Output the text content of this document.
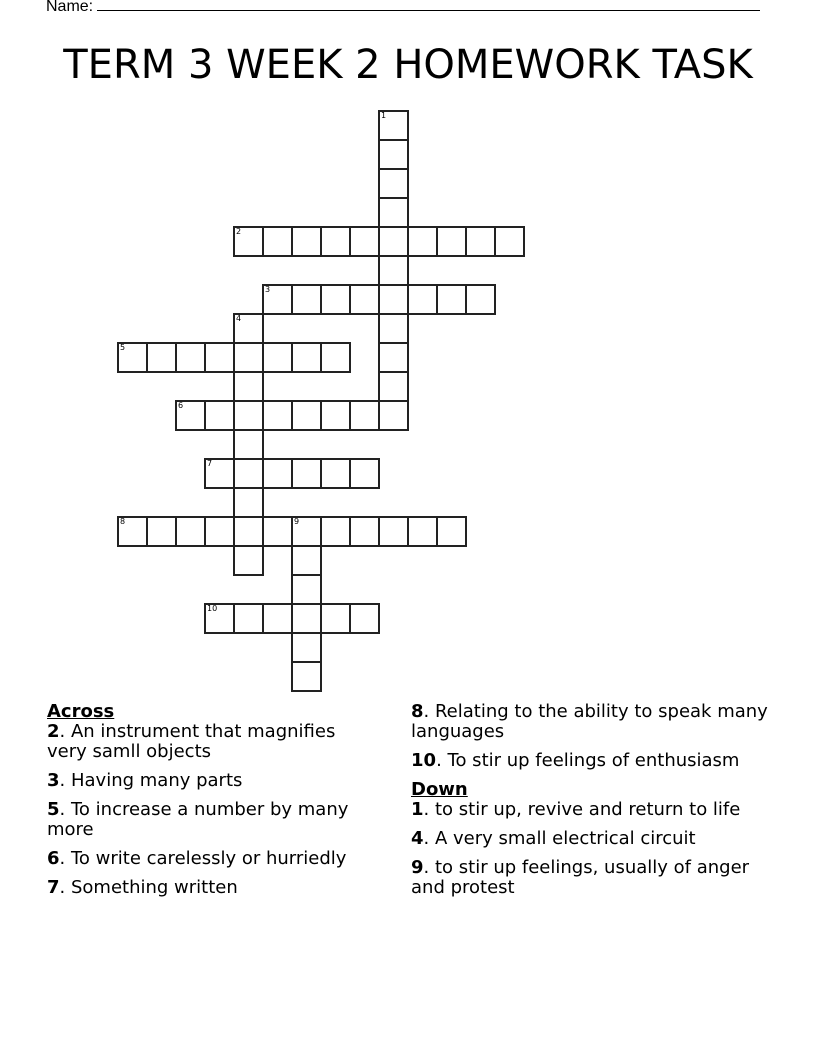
Name:
TERM 3 WEEK 2 HOMEWORK TASK
1
2
3
4
5
6
7
8	9
10
Across
2. An instrument that magnifies very samll objects
3. Having many parts
5. To increase a number by many more
6. To write carelessly or hurriedly
7. Something written
8. Relating to the ability to speak many languages
10. To stir up feelings of enthusiasm
Down
1. to stir up, revive and return to life
4. A very small electrical circuit
9. to stir up feelings, usually of anger and protest
